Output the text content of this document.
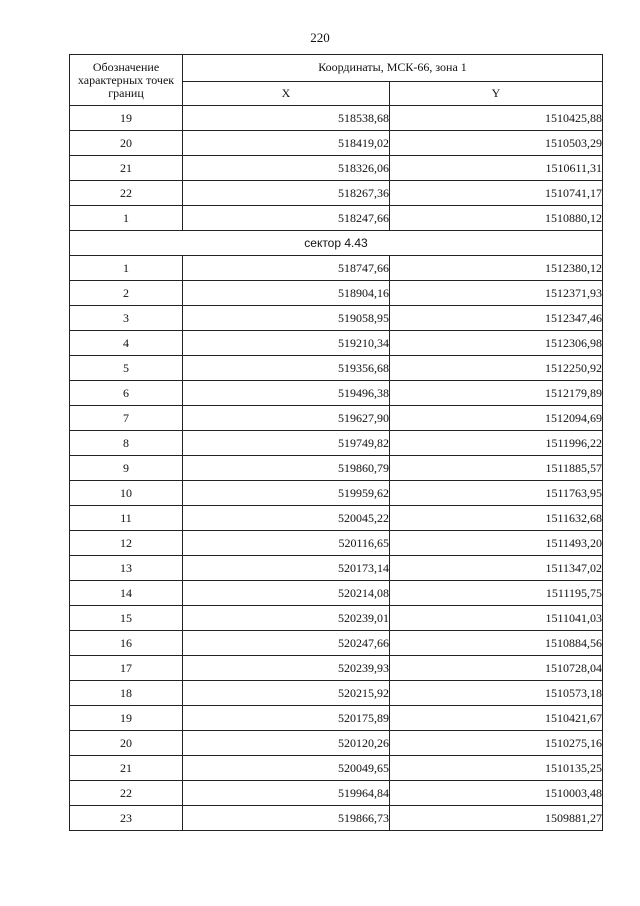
220
Обозначение характерных точек границ	Координаты, МСК-66, зона 1	
	X	Y
19	518538,68	1510425,88
20	518419,02	1510503,29
21	518326,06	1510611,31
22	518267,36	1510741,17
1	518247,66	1510880,12
сектор 4.43		
1	518747,66	1512380,12
2	518904,16	1512371,93
3	519058,95	1512347,46
4	519210,34	1512306,98
5	519356,68	1512250,92
6	519496,38	1512179,89
7	519627,90	1512094,69
8	519749,82	1511996,22
9	519860,79	1511885,57
10	519959,62	1511763,95
11	520045,22	1511632,68
12	520116,65	1511493,20
13	520173,14	1511347,02
14	520214,08	1511195,75
15	520239,01	1511041,03
16	520247,66	1510884,56
17	520239,93	1510728,04
18	520215,92	1510573,18
19	520175,89	1510421,67
20	520120,26	1510275,16
21	520049,65	1510135,25
22	519964,84	1510003,48
23	519866,73	1509881,27
